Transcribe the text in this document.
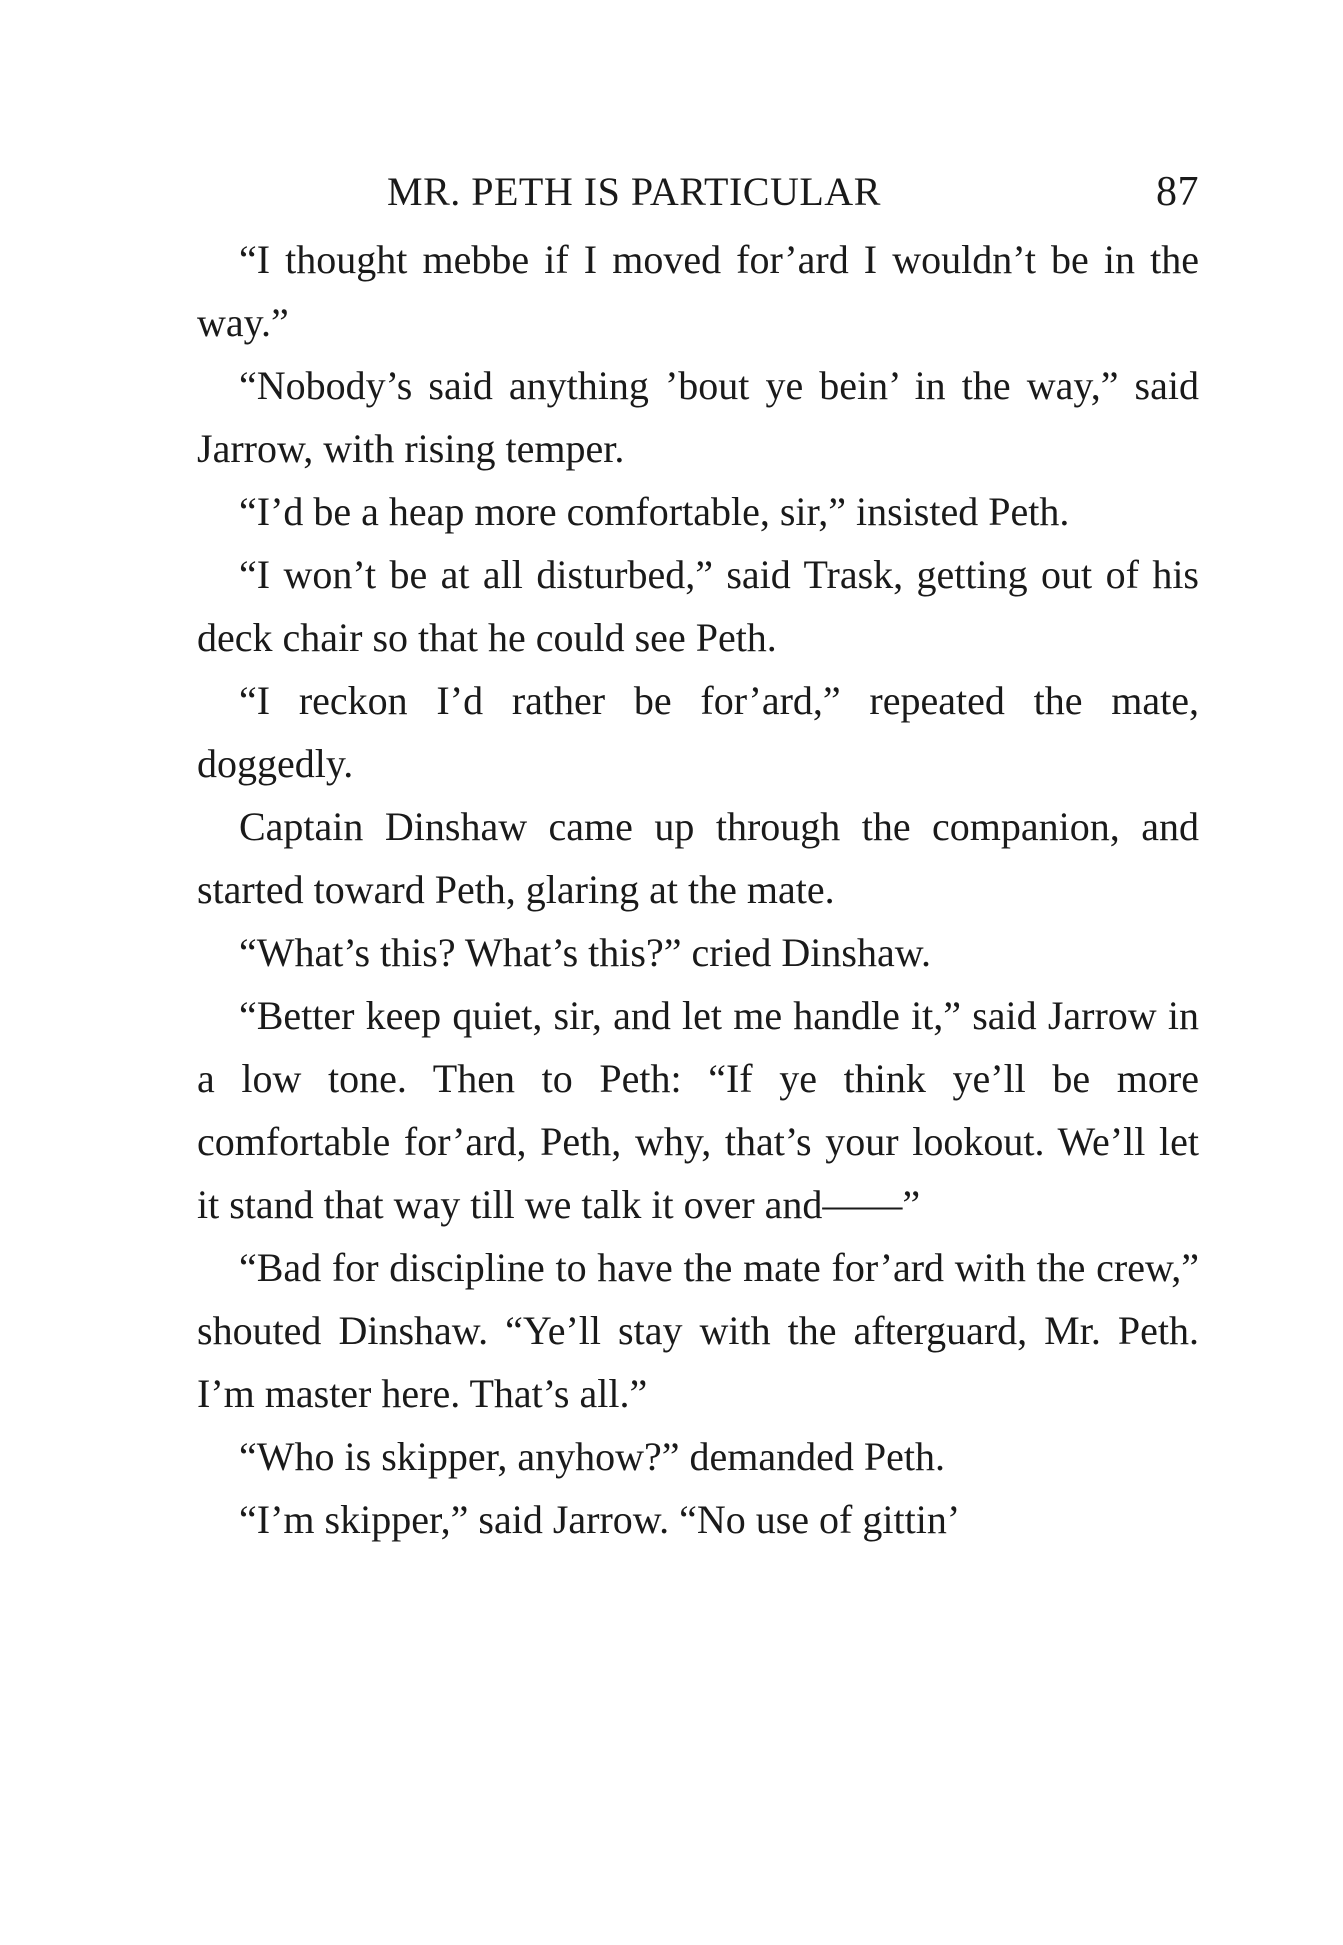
MR. PETH IS PARTICULAR	87

“I thought mebbe if I moved for’ard I wouldn’t be in the way.”

“Nobody’s said anything ’bout ye bein’ in the way,” said Jarrow, with rising temper.

“I’d be a heap more comfortable, sir,” insisted Peth.

“I won’t be at all disturbed,” said Trask, getting out of his deck chair so that he could see Peth.

“I reckon I’d rather be for’ard,” repeated the mate, doggedly.

Captain Dinshaw came up through the companion, and started toward Peth, glaring at the mate.

“What’s this? What’s this?” cried Dinshaw.

“Better keep quiet, sir, and let me handle it,” said Jarrow in a low tone. Then to Peth: “If ye think ye’ll be more comfortable for’ard, Peth, why, that’s your lookout. We’ll let it stand that way till we talk it over and——”

“Bad for discipline to have the mate for’ard with the crew,” shouted Dinshaw. “Ye’ll stay with the afterguard, Mr. Peth. I’m master here. That’s all.”

“Who is skipper, anyhow?” demanded Peth.

“I’m skipper,” said Jarrow. “No use of gittin’
